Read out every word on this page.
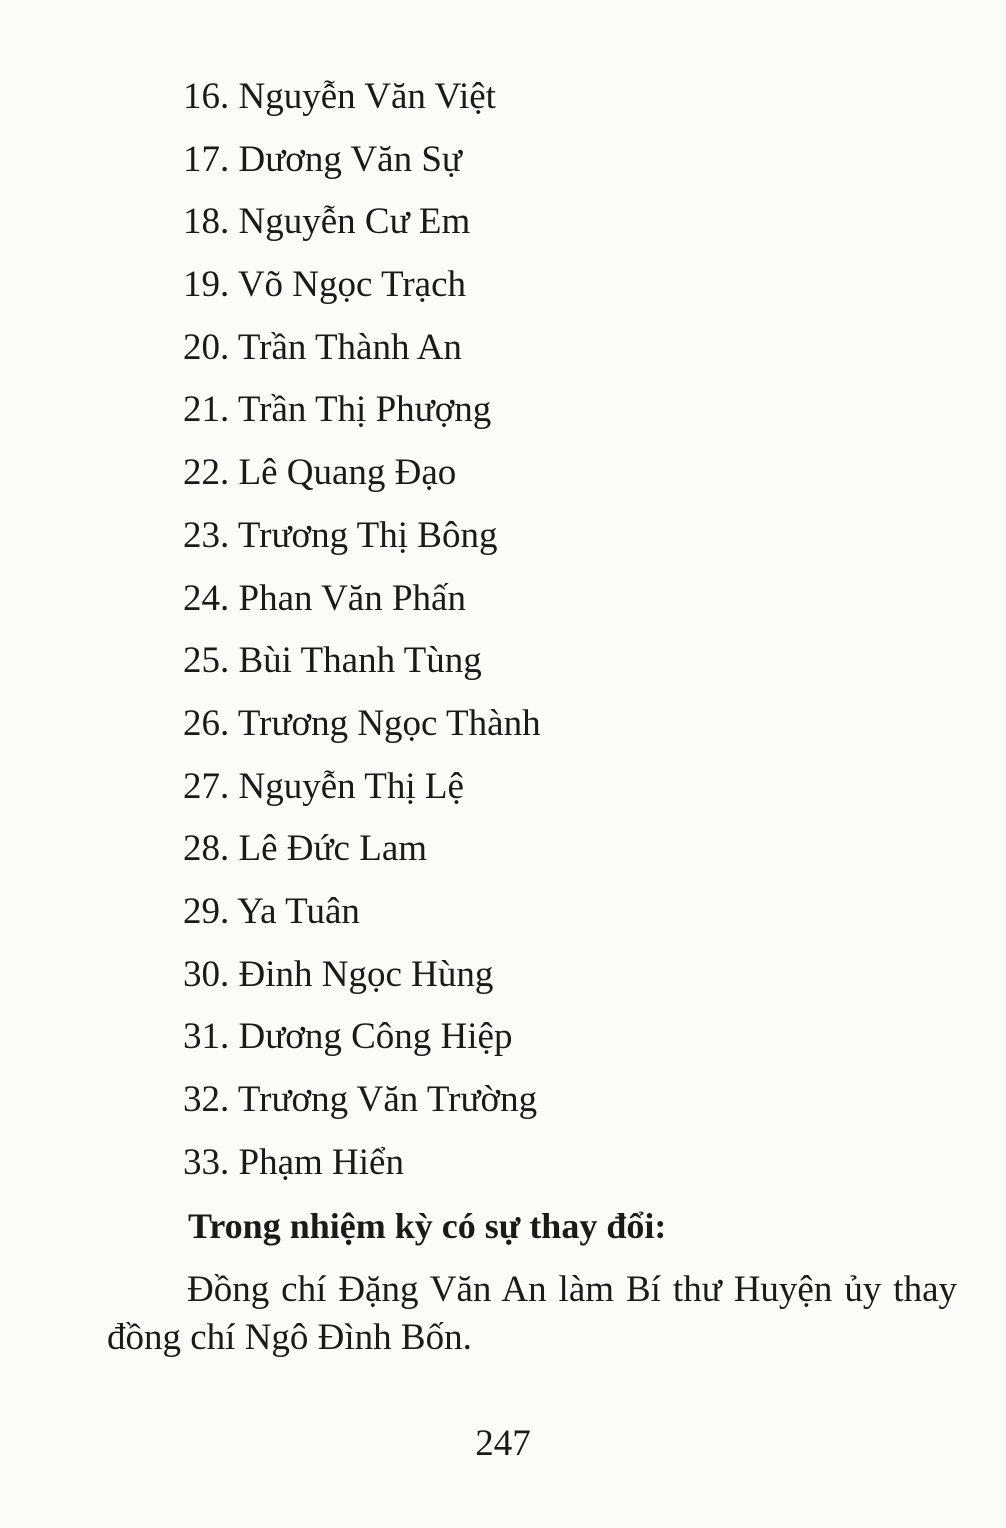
16. Nguyễn Văn Việt
17. Dương Văn Sự
18. Nguyễn Cư Em
19. Võ Ngọc Trạch
20. Trần Thành An
21. Trần Thị Phượng
22. Lê Quang Đạo
23. Trương Thị Bông
24. Phan Văn Phấn
25. Bùi Thanh Tùng
26. Trương Ngọc Thành
27. Nguyễn Thị Lệ
28. Lê Đức Lam
29. Ya Tuân
30. Đinh Ngọc Hùng
31. Dương Công Hiệp
32. Trương Văn Trường
33. Phạm Hiển
Trong nhiệm kỳ có sự thay đổi:

Đồng chí Đặng Văn An làm Bí thư Huyện ủy thay đồng chí Ngô Đình Bốn.

247
